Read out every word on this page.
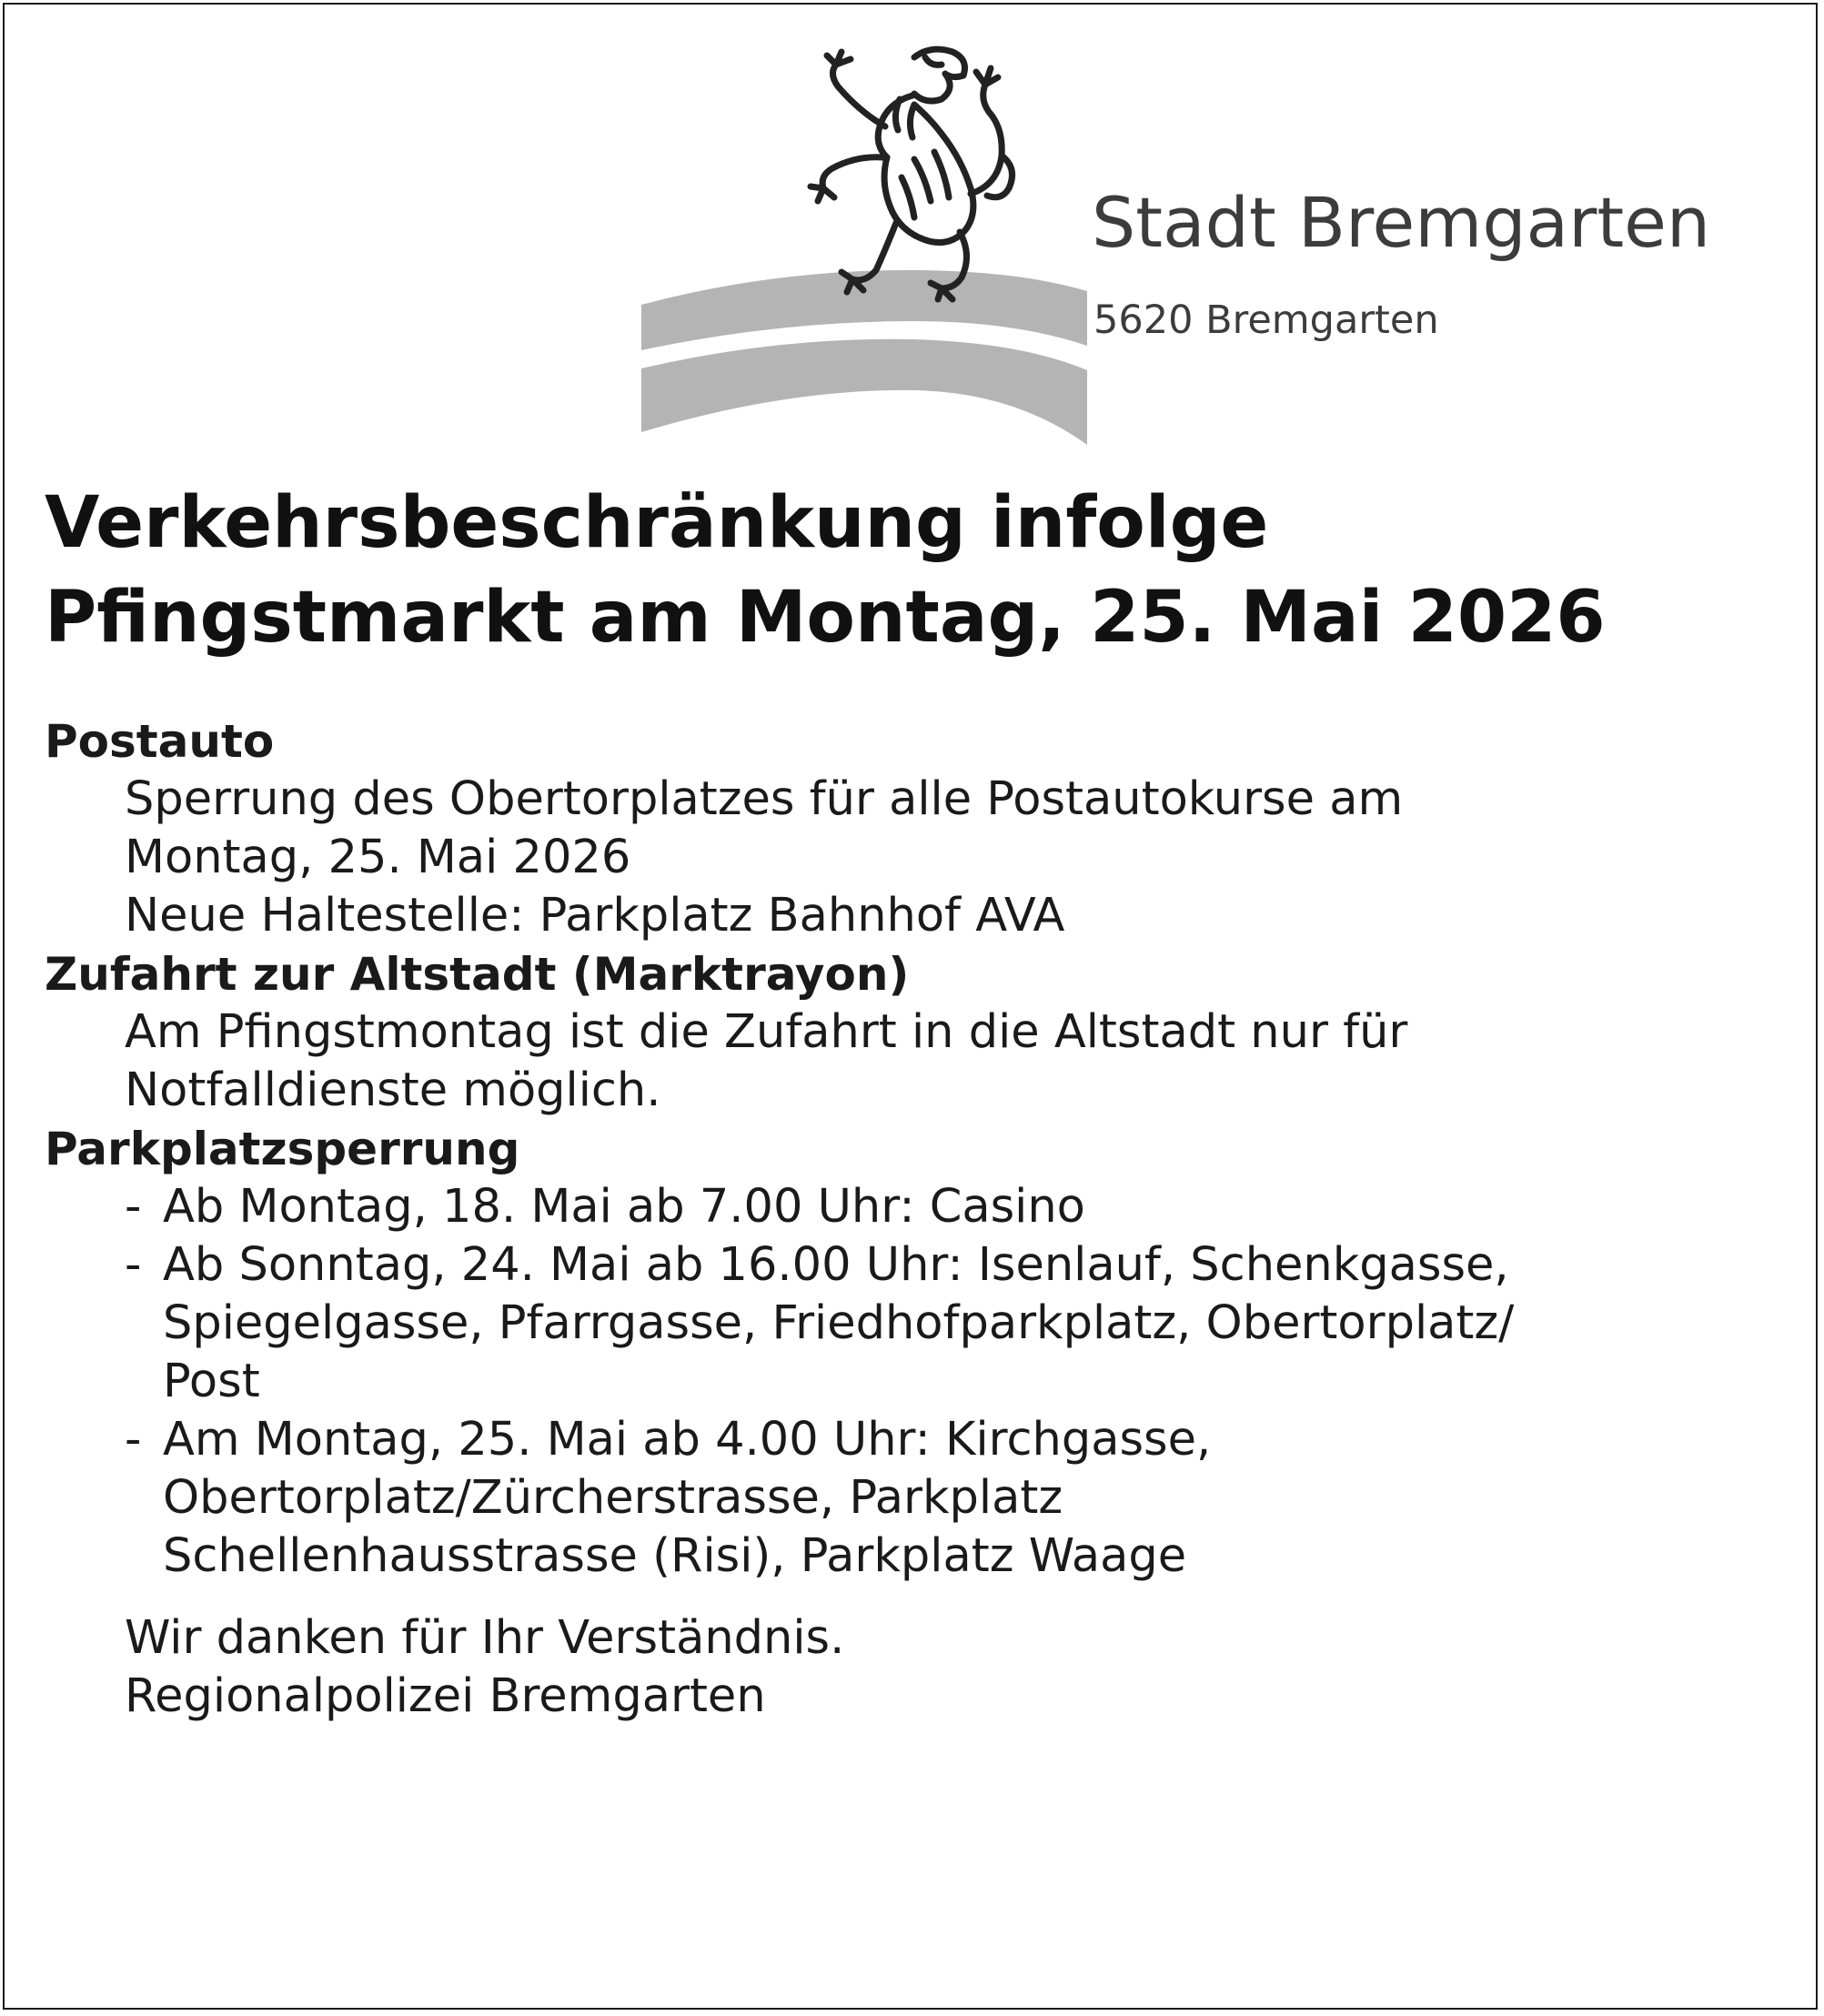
Stadt Bremgarten
5620 Bremgarten
Verkehrsbeschränkung infolge
Pfingstmarkt am Montag, 25. Mai 2026
Postauto
Sperrung des Obertorplatzes für alle Postautokurse am
Montag, 25. Mai 2026
Neue Haltestelle: Parkplatz Bahnhof AVA
Zufahrt zur Altstadt (Marktrayon)
Am Pfingstmontag ist die Zufahrt in die Altstadt nur für
Notfalldienste möglich.
Parkplatzsperrung
- Ab Montag, 18. Mai ab 7.00 Uhr: Casino
- Ab Sonntag, 24. Mai ab 16.00 Uhr: Isenlauf, Schenkgasse,
Spiegelgasse, Pfarrgasse, Friedhofparkplatz, Obertorplatz/
Post
- Am Montag, 25. Mai ab 4.00 Uhr: Kirchgasse,
Obertorplatz/Zürcherstrasse, Parkplatz
Schellenhausstrasse (Risi), Parkplatz Waage
Wir danken für Ihr Verständnis.
Regionalpolizei Bremgarten
